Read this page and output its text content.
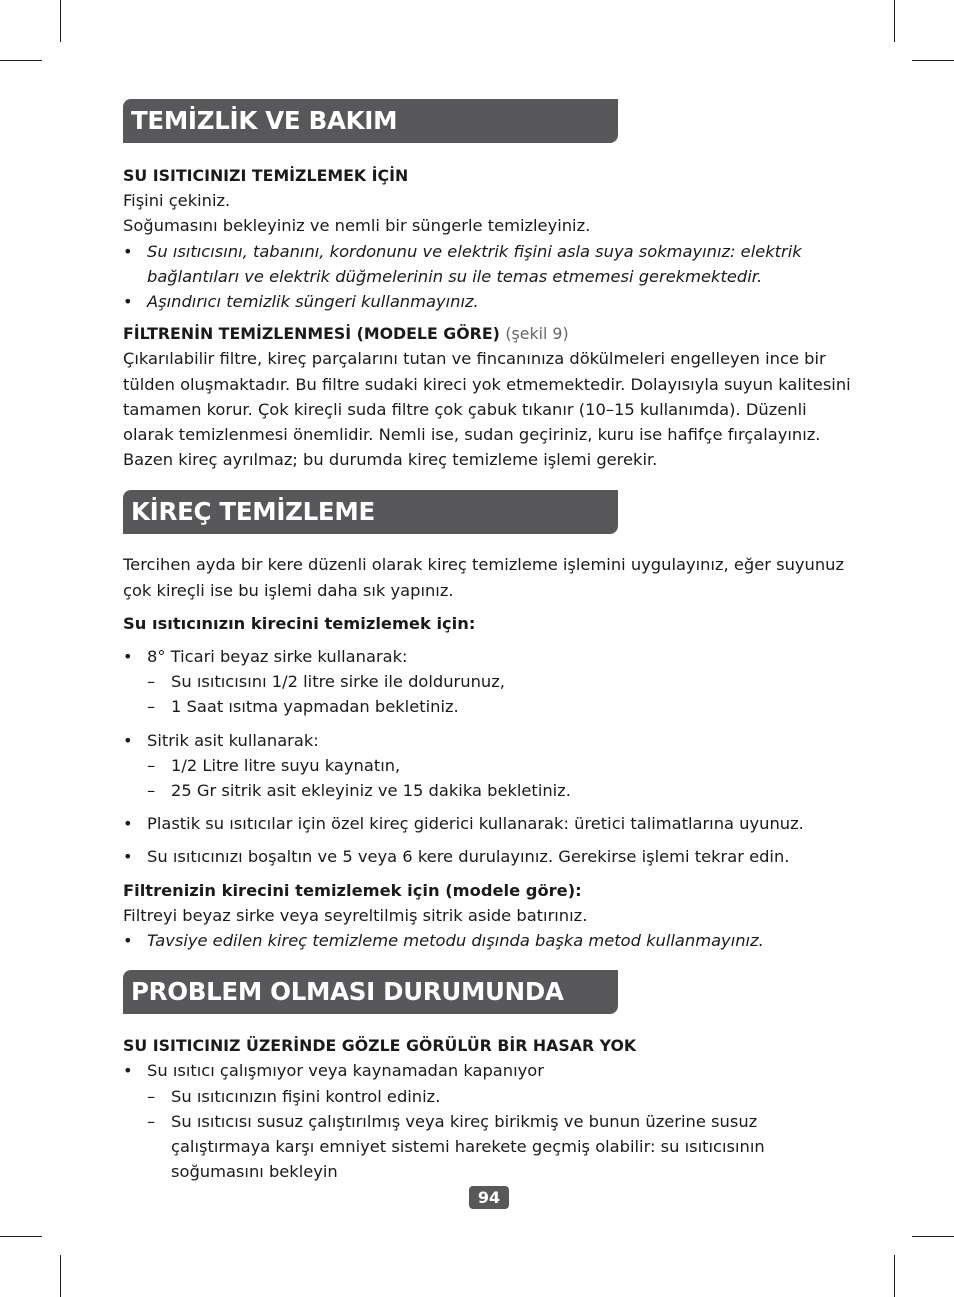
TEMİZLİK VE BAKIM
SU ISITICINIZI TEMİZLEMEK İÇİN

Fişini çekiniz.

Soğumasını bekleyiniz ve nemli bir süngerle temizleyiniz.

• Su ısıtıcısını, tabanını, kordonunu ve elektrik fişini asla suya sokmayınız: elektrik bağlantıları ve elektrik düğmelerinin su ile temas etmemesi gerekmektedir.
• Aşındırıcı temizlik süngeri kullanmayınız.
FİLTRENİN TEMİZLENMESİ (MODELE GÖRE) (şekil 9)

Çıkarılabilir filtre, kireç parçalarını tutan ve fincanınıza dökülmeleri engelleyen ince bir tülden oluşmaktadır. Bu filtre sudaki kireci yok etmemektedir. Dolayısıyla suyun kalitesini tamamen korur. Çok kireçli suda filtre çok çabuk tıkanır (10–15 kullanımda). Düzenli olarak temizlenmesi önemlidir. Nemli ise, sudan geçiriniz, kuru ise hafifçe fırçalayınız. Bazen kireç ayrılmaz; bu durumda kireç temizleme işlemi gerekir.

KİREÇ TEMİZLEME

Tercihen ayda bir kere düzenli olarak kireç temizleme işlemini uygulayınız, eğer suyunuz çok kireçli ise bu işlemi daha sık yapınız.

Su ısıtıcınızın kirecini temizlemek için:

• 8° Ticari beyaz sirke kullanarak:
– Su ısıtıcısını 1/2 litre sirke ile doldurunuz,
– 1 Saat ısıtma yapmadan bekletiniz.
• Sitrik asit kullanarak:
– 1/2 Litre litre suyu kaynatın,
– 25 Gr sitrik asit ekleyiniz ve 15 dakika bekletiniz.
• Plastik su ısıtıcılar için özel kireç giderici kullanarak: üretici talimatlarına uyunuz.
• Su ısıtıcınızı boşaltın ve 5 veya 6 kere durulayınız. Gerekirse işlemi tekrar edin.

Filtrenizin kirecini temizlemek için (modele göre):

Filtreyi beyaz sirke veya seyreltilmiş sitrik aside batırınız.

• Tavsiye edilen kireç temizleme metodu dışında başka metod kullanmayınız.
PROBLEM OLMASI DURUMUNDA
SU ISITICINIZ ÜZERİNDE GÖZLE GÖRÜLÜR BİR HASAR YOK
• Su ısıtıcı çalışmıyor veya kaynamadan kapanıyor
– Su ısıtıcınızın fişini kontrol ediniz.
– Su ısıtıcısı susuz çalıştırılmış veya kireç birikmiş ve bunun üzerine susuz çalıştırmaya karşı emniyet sistemi harekete geçmiş olabilir: su ısıtıcısının soğumasını bekleyin
94
